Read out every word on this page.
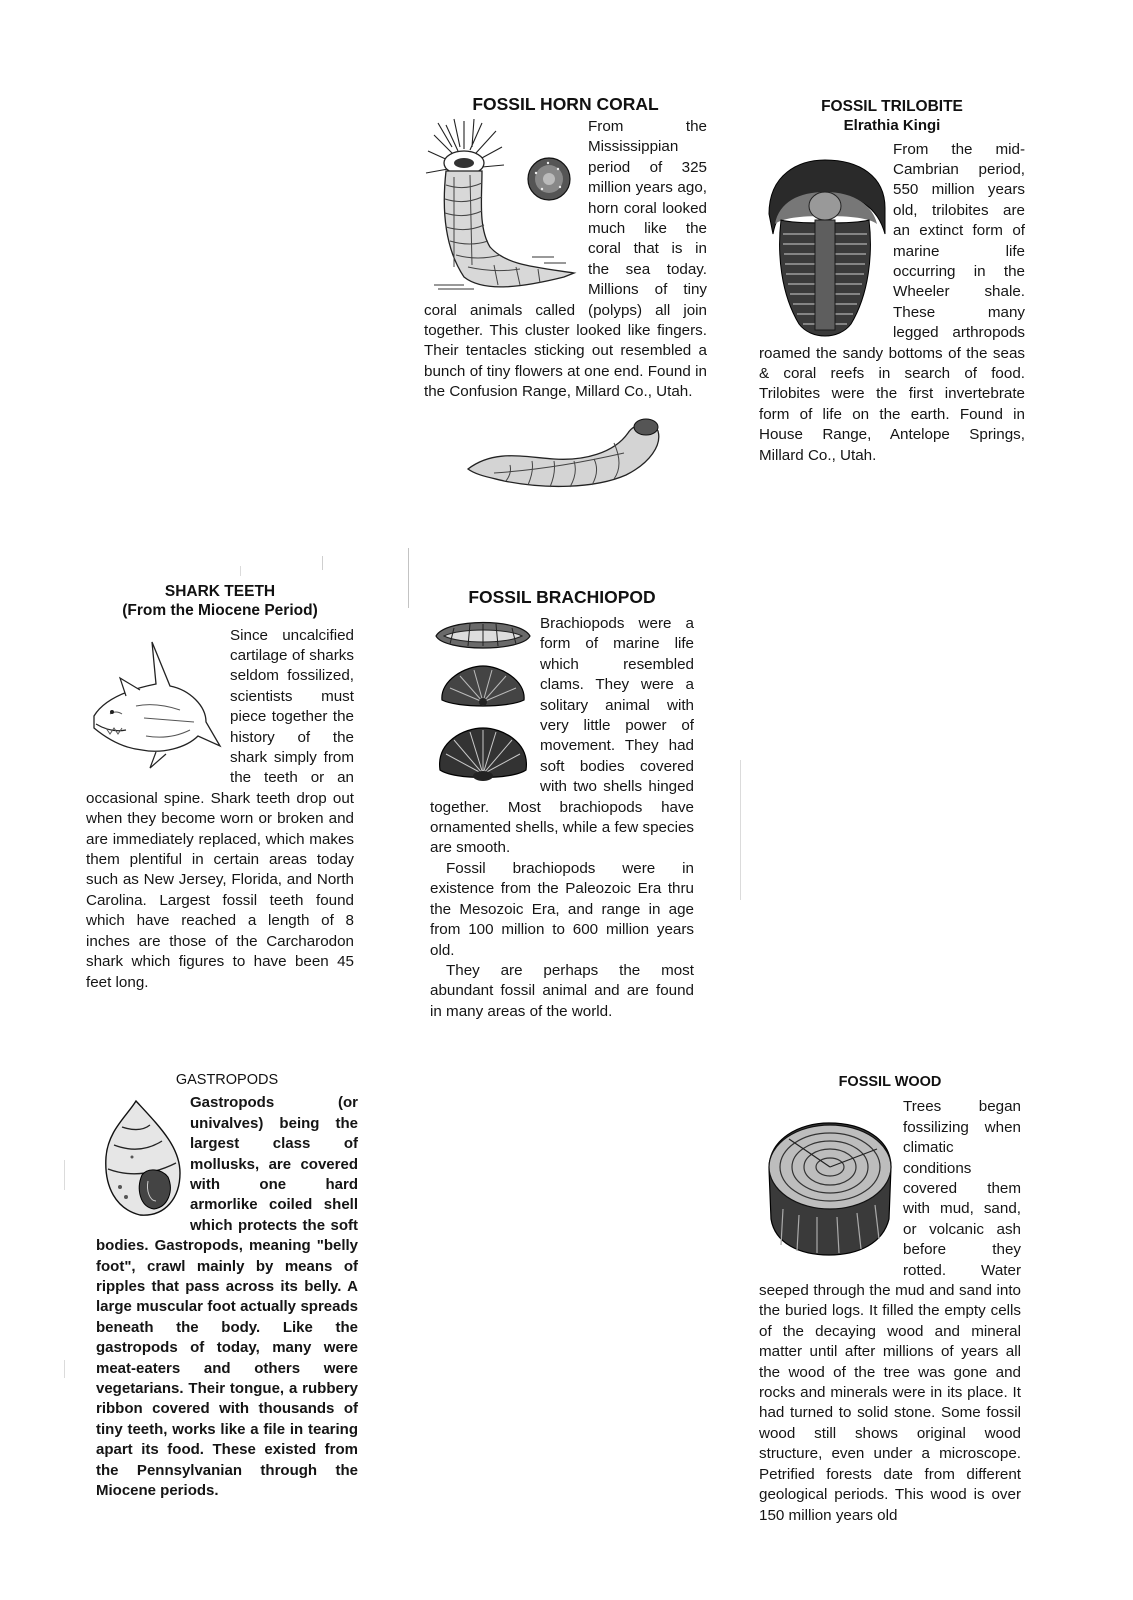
FOSSIL HORN CORAL

From the Mississippian period of 325 million years ago, horn coral looked much like the coral that is in the sea today. Millions of tiny coral animals called (polyps) all join together. This cluster looked like fingers. Their tentacles sticking out resembled a bunch of tiny flowers at one end. Found in the Confusion Range, Millard Co., Utah.

FOSSIL TRILOBITE
Elrathia Kingi

From the mid-Cambrian period, 550 million years old, trilobites are an extinct form of marine life occurring in the Wheeler shale. These many legged arthropods roamed the sandy bottoms of the seas & coral reefs in search of food. Trilobites were the first invertebrate form of life on the earth. Found in House Range, Antelope Springs, Millard Co., Utah.

SHARK TEETH
(From the Miocene Period)

Since uncalcified cartilage of sharks seldom fossilized, scientists must piece together the history of the shark simply from the teeth or an occasional spine. Shark teeth drop out when they become worn or broken and are immediately replaced, which makes them plentiful in certain areas today such as New Jersey, Florida, and North Carolina. Largest fossil teeth found which have reached a length of 8 inches are those of the Carcharodon shark which figures to have been 45 feet long.

FOSSIL BRACHIOPOD

Brachiopods were a form of marine life which resembled clams. They were a solitary animal with very little power of movement. They had soft bodies covered with two shells hinged together. Most brachiopods have ornamented shells, while a few species are smooth.

Fossil brachiopods were in existence from the Paleozoic Era thru the Mesozoic Era, and range in age from 100 million to 600 million years old.

They are perhaps the most abundant fossil animal and are found in many areas of the world.

GASTROPODS

Gastropods (or univalves) being the largest class of mollusks, are covered with one hard armorlike coiled shell which protects the soft bodies. Gastropods, meaning "belly foot", crawl mainly by means of ripples that pass across its belly. A large muscular foot actually spreads beneath the body. Like the gastropods of today, many were meat-eaters and others were vegetarians. Their tongue, a rubbery ribbon covered with thousands of tiny teeth, works like a file in tearing apart its food. These existed from the Pennsylvanian through the Miocene periods.

FOSSIL WOOD

Trees began fossilizing when climatic conditions covered them with mud, sand, or volcanic ash before they rotted. Water seeped through the mud and sand into the buried logs. It filled the empty cells of the decaying wood and mineral matter until after millions of years all the wood of the tree was gone and rocks and minerals were in its place. It had turned to solid stone. Some fossil wood still shows original wood structure, even under a microscope. Petrified forests date from different geological periods. This wood is over 150 million years old
